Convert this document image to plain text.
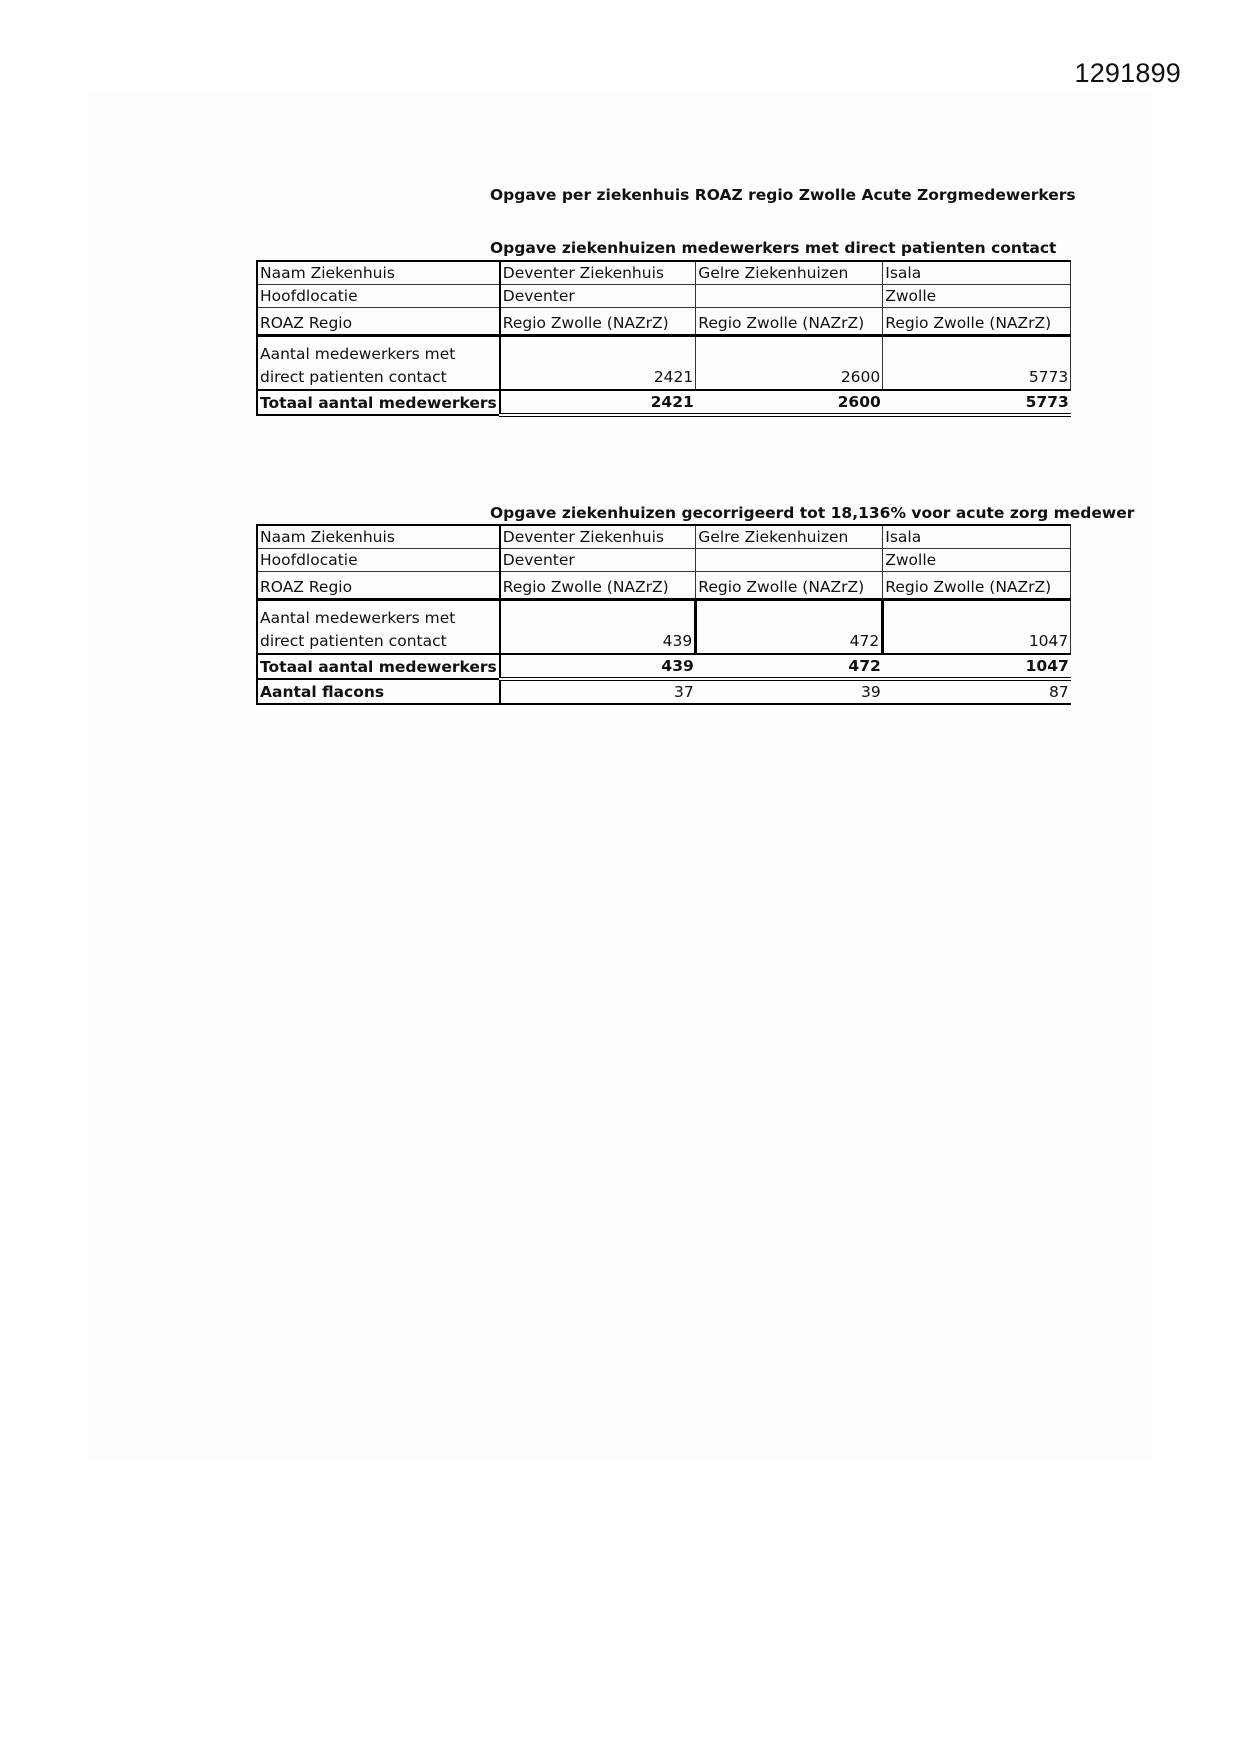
1291899
Opgave per ziekenhuis ROAZ regio Zwolle Acute Zorgmedewerkers
Opgave ziekenhuizen medewerkers met direct patienten contact
Naam Ziekenhuis	Deventer Ziekenhuis	Gelre Ziekenhuizen	Isala
Hoofdlocatie	Deventer		Zwolle
ROAZ Regio	Regio Zwolle (NAZrZ)	Regio Zwolle (NAZrZ)	Regio Zwolle (NAZrZ)
Aantal medewerkers met
direct patienten contact	2421	2600	5773
Totaal aantal medewerkers	2421	2600	5773
Opgave ziekenhuizen gecorrigeerd tot 18,136% voor acute zorg medewer
Naam Ziekenhuis	Deventer Ziekenhuis	Gelre Ziekenhuizen	Isala
Hoofdlocatie	Deventer		Zwolle
ROAZ Regio	Regio Zwolle (NAZrZ)	Regio Zwolle (NAZrZ)	Regio Zwolle (NAZrZ)
Aantal medewerkers met
direct patienten contact	439	472	1047
Totaal aantal medewerkers	439	472	1047
Aantal flacons	37	39	87
